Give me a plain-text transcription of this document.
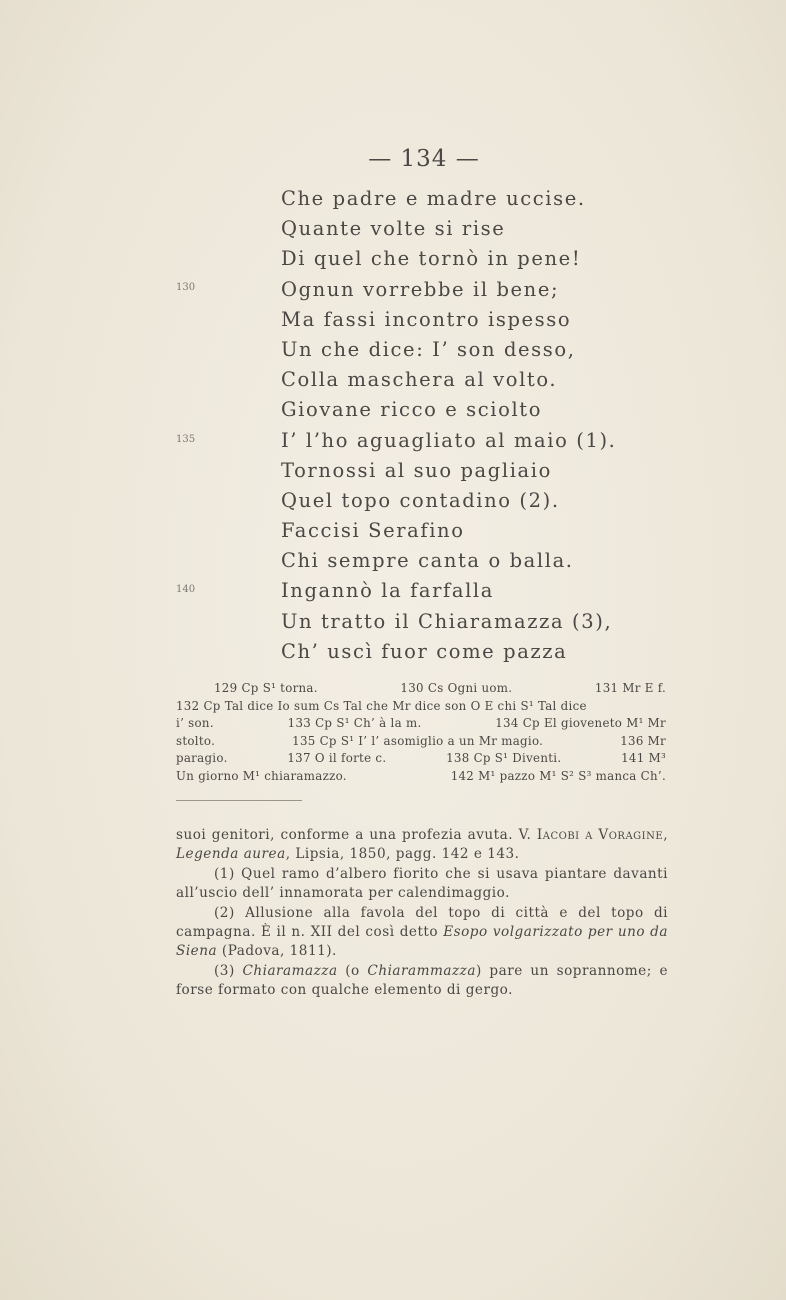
— 134 —
130
135
140
Che padre e madre uccise.
Quante volte si rise
Di quel che tornò in pene!
Ognun vorrebbe il bene;
Ma fassi incontro ispesso
Un che dice: I’ son desso,
Colla maschera al volto.
Giovane ricco e sciolto
I’ l’ho aguagliato al maio (1).
Tornossi al suo pagliaio
Quel topo contadino (2).
Faccisi Serafino
Chi sempre canta o balla.
Ingannò la farfalla
Un tratto il Chiaramazza (3),
Ch’ uscì fuor come pazza
129 Cp S¹ torna.	130 Cs Ogni uom.	131 Mr E f.
132 Cp Tal dice Io sum Cs Tal che Mr dice son O E chi S¹ Tal dice
i’ son.	133 Cp S¹ Ch’ à la m.	134 Cp El gioveneto M¹ Mr
stolto.	135 Cp S¹ I’ l’ asomiglio a un Mr magio.	136 Mr
paragio.	137 O il forte c.	138 Cp S¹ Diventi.	141 M³
Un giorno M¹ chiaramazzo.	142 M¹ pazzo M¹ S² S³ manca Ch’.

suoi genitori, conforme a una profezia avuta. V. Iacobi a Voragine, Legenda aurea, Lipsia, 1850, pagg. 142 e 143.

(1) Quel ramo d’albero fiorito che si usava piantare davanti all’uscio dell’ innamorata per calendimaggio.

(2) Allusione alla favola del topo di città e del topo di campagna. È il n. XII del così detto Esopo volgarizzato per uno da Siena (Padova, 1811).

(3) Chiaramazza (o Chiarammazza) pare un soprannome; e forse formato con qualche elemento di gergo.
